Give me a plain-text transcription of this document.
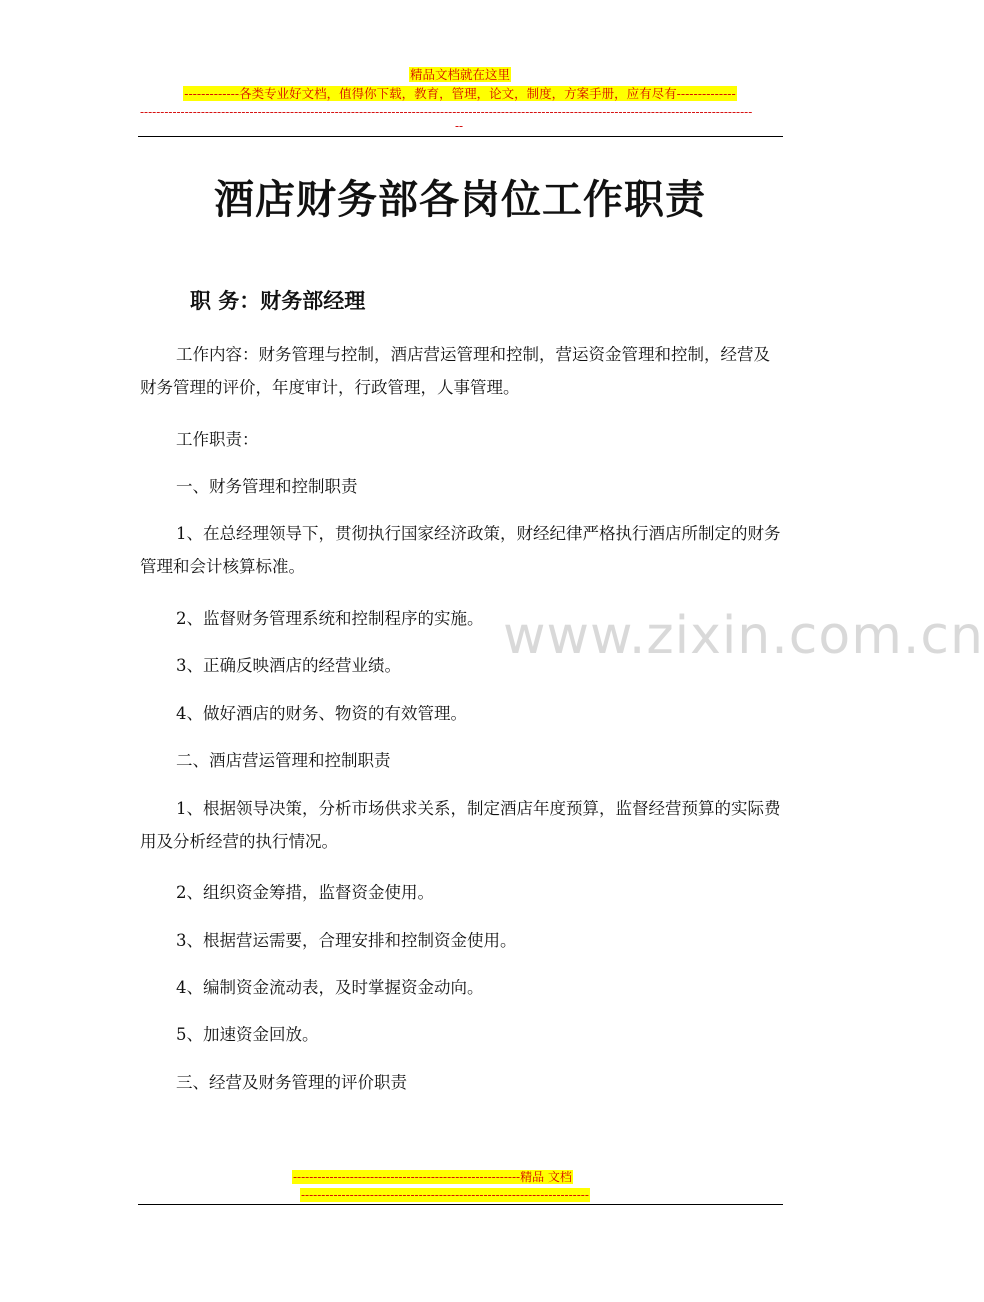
精品文档就在这里
-------------各类专业好文档，值得你下载，教育，管理，论文，制度，方案手册，应有尽有--------------
-------------------------------------------------------------------------------------------------------------------------------------------------------
--
酒店财务部各岗位工作职责
职 务：财务部经理

工作内容：财务管理与控制，酒店营运管理和控制，营运资金管理和控制，经营及财务管理的评价，年度审计，行政管理，人事管理。

工作职责：

一、财务管理和控制职责

1、在总经理领导下，贯彻执行国家经济政策，财经纪律严格执行酒店所制定的财务管理和会计核算标准。

2、监督财务管理系统和控制程序的实施。

3、正确反映酒店的经营业绩。

4、做好酒店的财务、物资的有效管理。

二、酒店营运管理和控制职责

1、根据领导决策，分析市场供求关系，制定酒店年度预算，监督经营预算的实际费用及分析经营的执行情况。

2、组织资金筹措，监督资金使用。

3、根据营运需要，合理安排和控制资金使用。

4、编制资金流动表，及时掌握资金动向。

5、加速资金回放。

三、经营及财务管理的评价职责

www.zixin.com.cn
--------------------------------------------------------精品 文档
-----------------------------------------------------------------------
